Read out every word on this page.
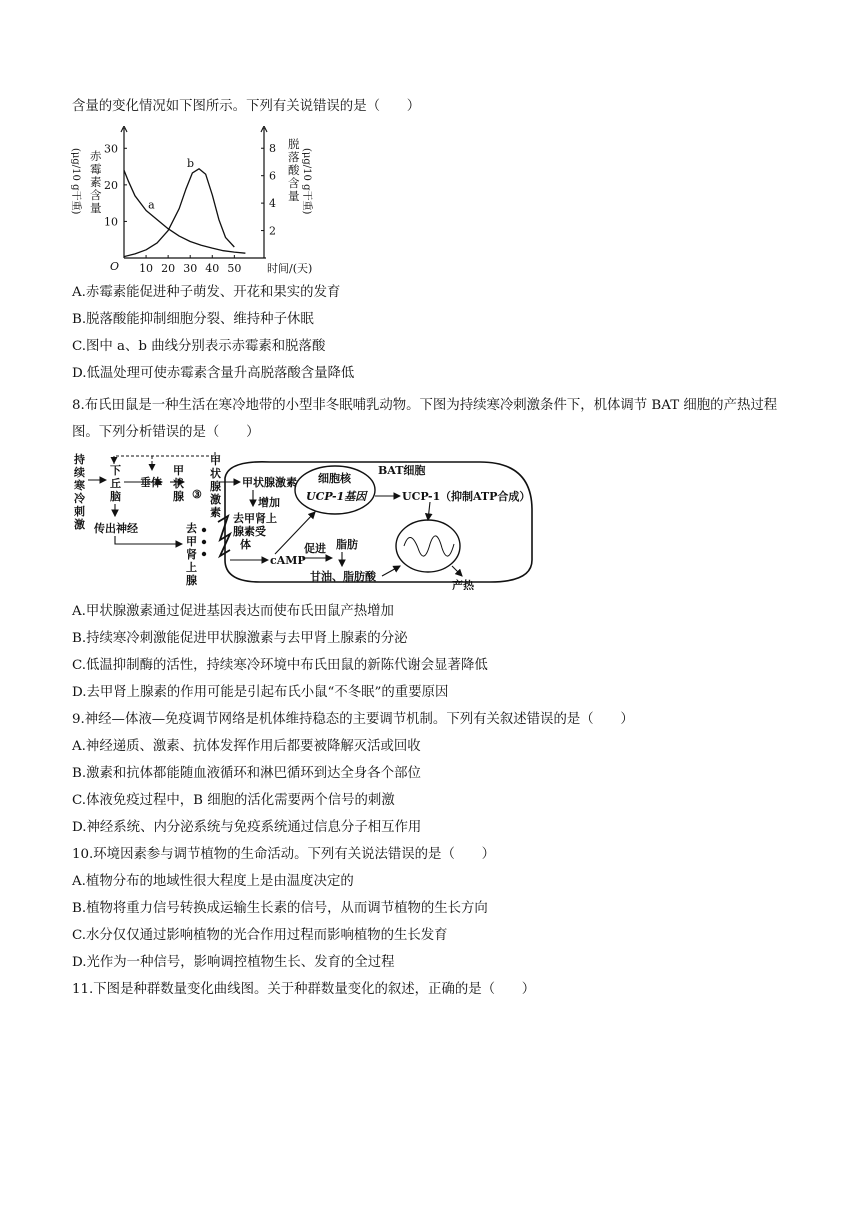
含量的变化情况如下图所示。下列有关说错误的是（　　）
O 10 20 30 40 50 时间/(天)
10
20
30
2
4
6
8
赤
霉
素
含
量
(μg/10 g干重)
脱
落
酸
含
量 (μg/10 g干重)
a
b
A.赤霉素能促进种子萌发、开花和果实的发育
B.脱落酸能抑制细胞分裂、维持种子休眠
C.图中 a、b 曲线分别表示赤霉素和脱落酸
D.低温处理可使赤霉素含量升高脱落酸含量降低
8.布氏田鼠是一种生活在寒冷地带的小型非冬眠哺乳动物。下图为持续寒冷刺激条件下，机体调节 BAT 细胞的产热过程图。下列分析错误的是（　　）
持
续
寒
冷
刺
激
下
丘
脑
垂体
甲
状
腺 ③
甲
状
腺
激
素
传出神经	去
甲
肾
上
腺
BAT细胞
甲状腺激素
增加
去甲肾上
腺素受
体
细胞核
UCP-1基因	UCP-1 （抑制ATP合成）
cAMP
促进 脂肪
甘油、脂肪酸
产热
A.甲状腺激素通过促进基因表达而使布氏田鼠产热增加
B.持续寒冷刺激能促进甲状腺激素与去甲肾上腺素的分泌
C.低温抑制酶的活性，持续寒冷环境中布氏田鼠的新陈代谢会显著降低
D.去甲肾上腺素的作用可能是引起布氏小鼠“不冬眠”的重要原因
9.神经—体液—免疫调节网络是机体维持稳态的主要调节机制。下列有关叙述错误的是（　　）
A.神经递质、激素、抗体发挥作用后都要被降解灭活或回收
B.激素和抗体都能随血液循环和淋巴循环到达全身各个部位
C.体液免疫过程中，B 细胞的活化需要两个信号的刺激
D.神经系统、内分泌系统与免疫系统通过信息分子相互作用
10.环境因素参与调节植物的生命活动。下列有关说法错误的是（　　）
A.植物分布的地域性很大程度上是由温度决定的
B.植物将重力信号转换成运输生长素的信号，从而调节植物的生长方向
C.水分仅仅通过影响植物的光合作用过程而影响植物的生长发育
D.光作为一种信号，影响调控植物生长、发育的全过程
11.下图是种群数量变化曲线图。关于种群数量变化的叙述，正确的是（　　）
